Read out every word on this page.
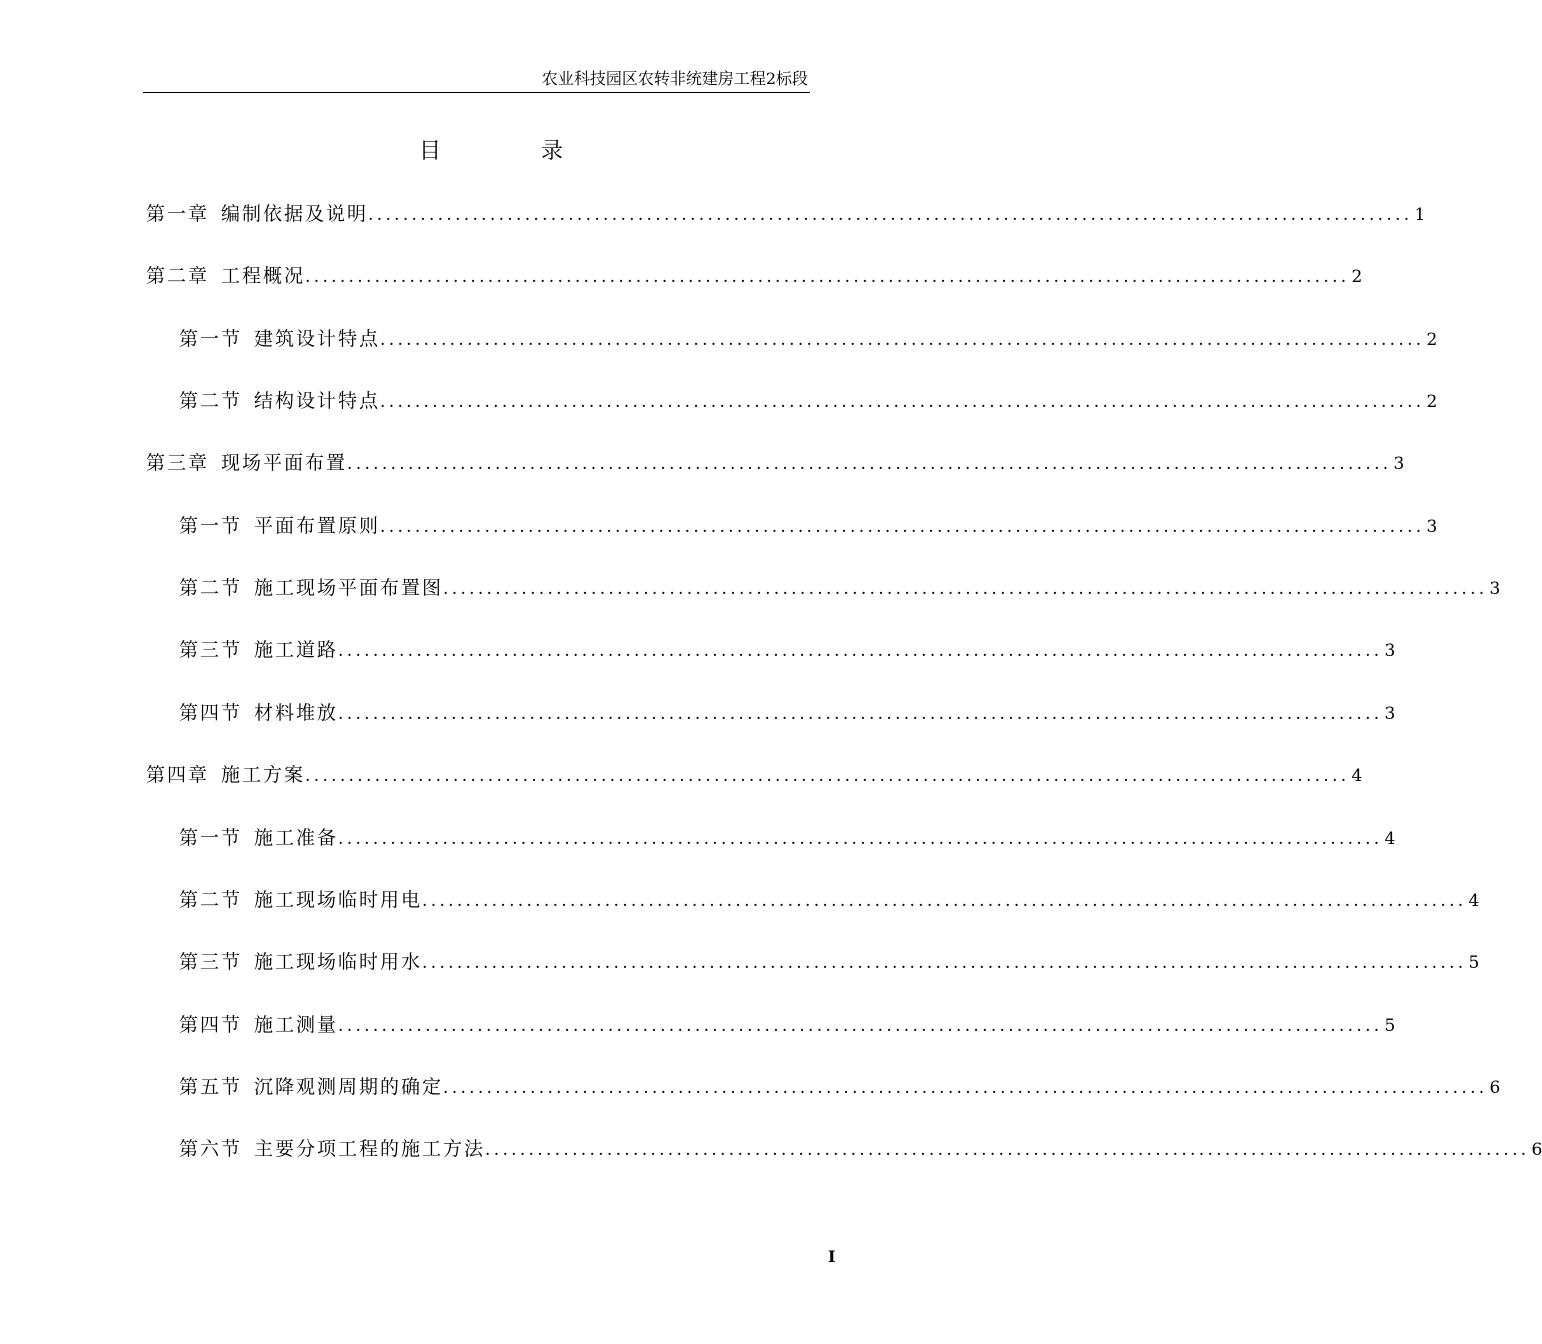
农业科技园区农转非统建房工程2标段
目	录
第一章 编制依据及说明 ........................................................................................................................ 1
第二章 工程概况 ........................................................................................................................ 2
第一节 建筑设计特点 ........................................................................................................................ 2
第二节 结构设计特点 ........................................................................................................................ 2
第三章 现场平面布置 ........................................................................................................................ 3
第一节 平面布置原则 ........................................................................................................................ 3
第二节 施工现场平面布置图 ........................................................................................................................ 3
第三节 施工道路 ........................................................................................................................ 3
第四节 材料堆放 ........................................................................................................................ 3
第四章 施工方案 ........................................................................................................................ 4
第一节 施工准备 ........................................................................................................................ 4
第二节 施工现场临时用电 ........................................................................................................................ 4
第三节 施工现场临时用水 ........................................................................................................................ 5
第四节 施工测量 ........................................................................................................................ 5
第五节 沉降观测周期的确定 ........................................................................................................................ 6
第六节 主要分项工程的施工方法 ........................................................................................................................ 6
I
